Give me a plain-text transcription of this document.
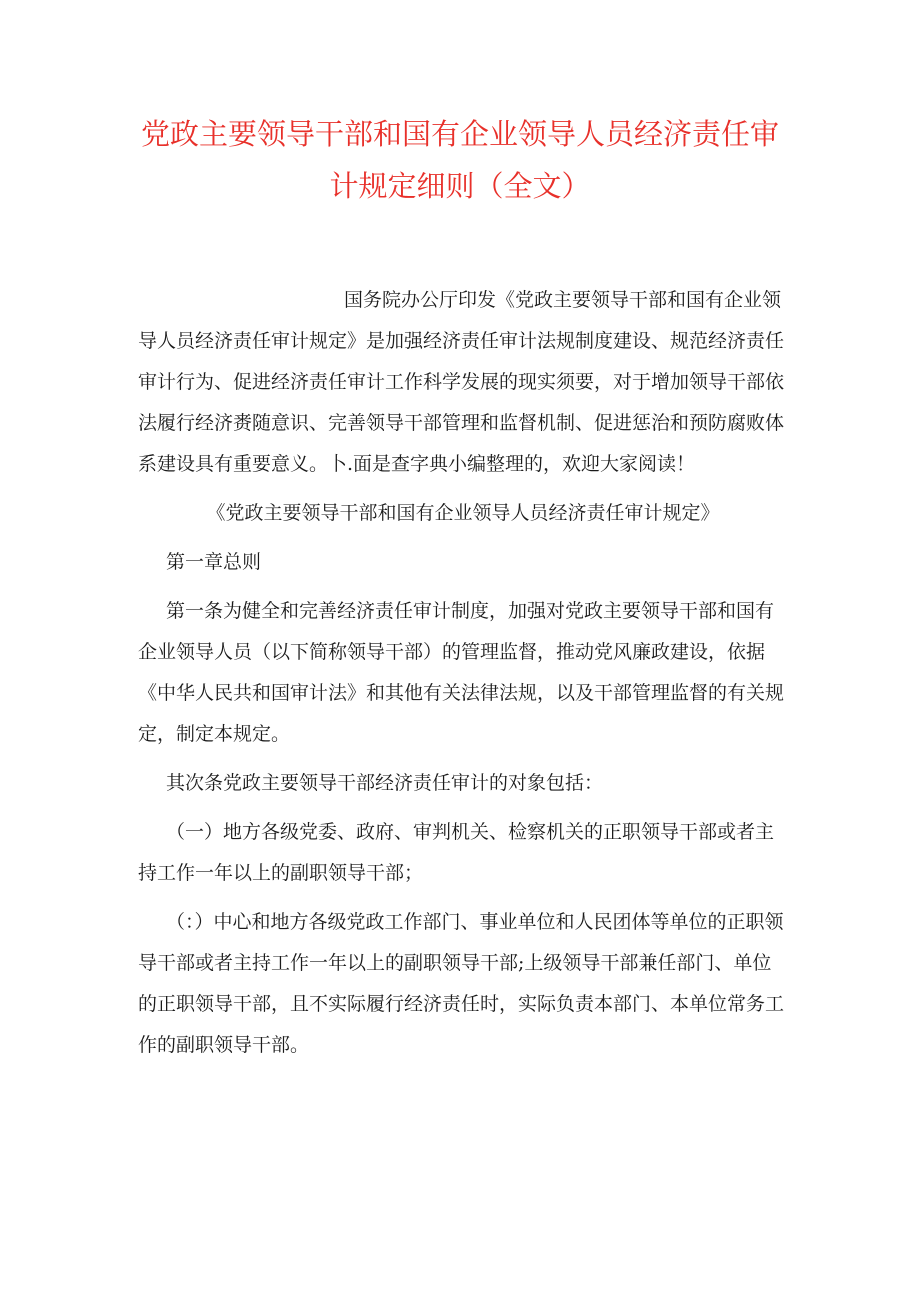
党政主要领导干部和国有企业领导人员经济责任审
计规定细则（全文）

国务院办公厅印发《党政主要领导干部和国有企业领导人员经济责任审计规定》是加强经济责任审计法规制度建设、规范经济责任审计行为、促进经济责任审计工作科学发展的现实须要，对于增加领导干部依法履行经济赉随意识、完善领导干部管理和监督机制、促进惩治和预防腐败体系建设具有重要意义。卜.面是查字典小编整理的，欢迎大家阅读！

《党政主要领导干部和国有企业领导人员经济责任审计规定》

第一章总则

第一条为健全和完善经济责任审计制度，加强对党政主要领导干部和国有企业领导人员（以下简称领导干部）的管理监督，推动党风廉政建设，依据《中华人民共和国审计法》和其他有关法律法规，以及干部管理监督的有关规定，制定本规定。

其次条党政主要领导干部经济责任审计的对象包括：

（一）地方各级党委、政府、审判机关、检察机关的正职领导干部或者主持工作一年以上的副职领导干部；

（：）中心和地方各级党政工作部门、事业单位和人民团体等单位的正职领导干部或者主持工作一年以上的副职领导干部;上级领导干部兼任部门、单位的正职领导干部，且不实际履行经济责任时，实际负责本部门、本单位常务工作的副职领导干部。
